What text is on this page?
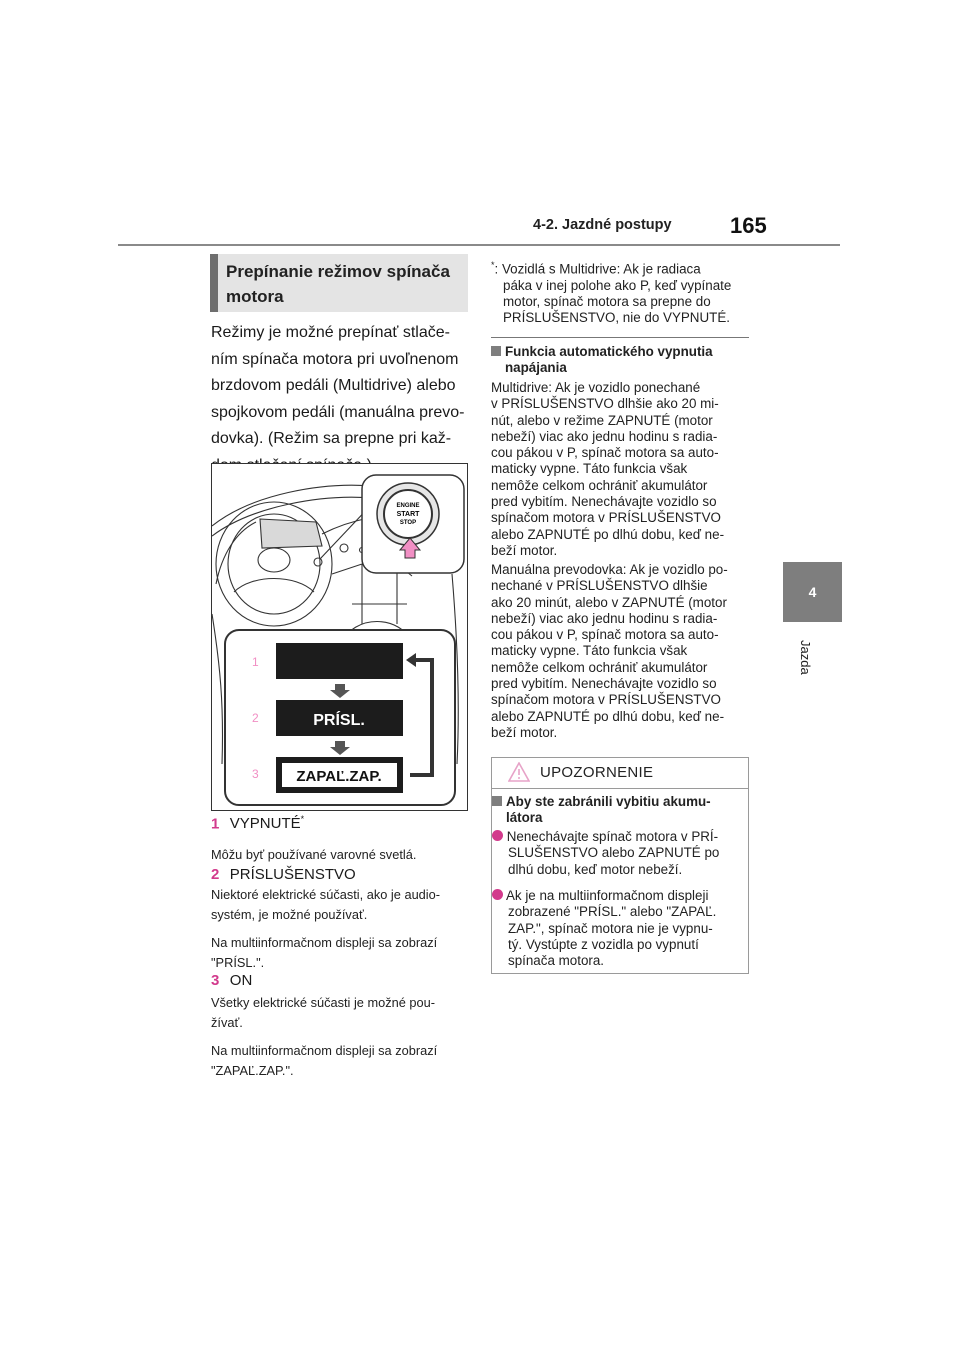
4-2. Jazdné postupy	165
4
Jazda
Prepínanie režimov spínača
motora
Režimy je možné prepínať stlače-
ním spínača motora pri uvoľnenom
brzdovom pedáli (Multidrive) alebo
spojkovom pedáli (manuálna prevo-
dovka). (Režim sa prepne pri kaž-
ENGINE
START
STOP
1
2
3
PRÍSL.
ZAPAĽ.ZAP.
1 VYPNUTÉ*
Môžu byť používané varovné svetlá.
2 PRÍSLUŠENSTVO
Niektoré elektrické súčasti, ako je audio-
systém, je možné používať.
Na multiinformačnom displeji sa zobrazí
"PRÍSL.".
3 ON
Všetky elektrické súčasti je možné pou-
žívať.
Na multiinformačnom displeji sa zobrazí
"ZAPAĽ.ZAP.".
*: Vozidlá s Multidrive: Ak je radiaca
páka v inej polohe ako P, keď vypínate
motor, spínač motora sa prepne do
PRÍSLUŠENSTVO, nie do VYPNUTÉ.
Funkcia automatického vypnutia
napájania
Multidrive: Ak je vozidlo ponechané
v PRÍSLUŠENSTVO dlhšie ako 20 mi-
nút, alebo v režime ZAPNUTÉ (motor
nebeží) viac ako jednu hodinu s radia-
cou pákou v P, spínač motora sa auto-
maticky vypne. Táto funkcia však
nemôže celkom ochrániť akumulátor
pred vybitím. Nenechávajte vozidlo so
spínačom motora v PRÍSLUŠENSTVO
alebo ZAPNUTÉ po dlhú dobu, keď ne-
beží motor.
Manuálna prevodovka: Ak je vozidlo po-
nechané v PRÍSLUŠENSTVO dlhšie
ako 20 minút, alebo v ZAPNUTÉ (motor
nebeží) viac ako jednu hodinu s radia-
cou pákou v P, spínač motora sa auto-
maticky vypne. Táto funkcia však
nemôže celkom ochrániť akumulátor
pred vybitím. Nenechávajte vozidlo so
spínačom motora v PRÍSLUŠENSTVO
alebo ZAPNUTÉ po dlhú dobu, keď ne-
beží motor.
UPOZORNENIE
Aby ste zabránili vybitiu akumu-
látora
Nenechávajte spínač motora v PRÍ-
SLUŠENSTVO alebo ZAPNUTÉ po
dlhú dobu, keď motor nebeží.
Ak je na multiinformačnom displeji
zobrazené "PRÍSL." alebo "ZAPAĽ.
ZAP.", spínač motora nie je vypnu-
tý. Vystúpte z vozidla po vypnutí
spínača motora.
